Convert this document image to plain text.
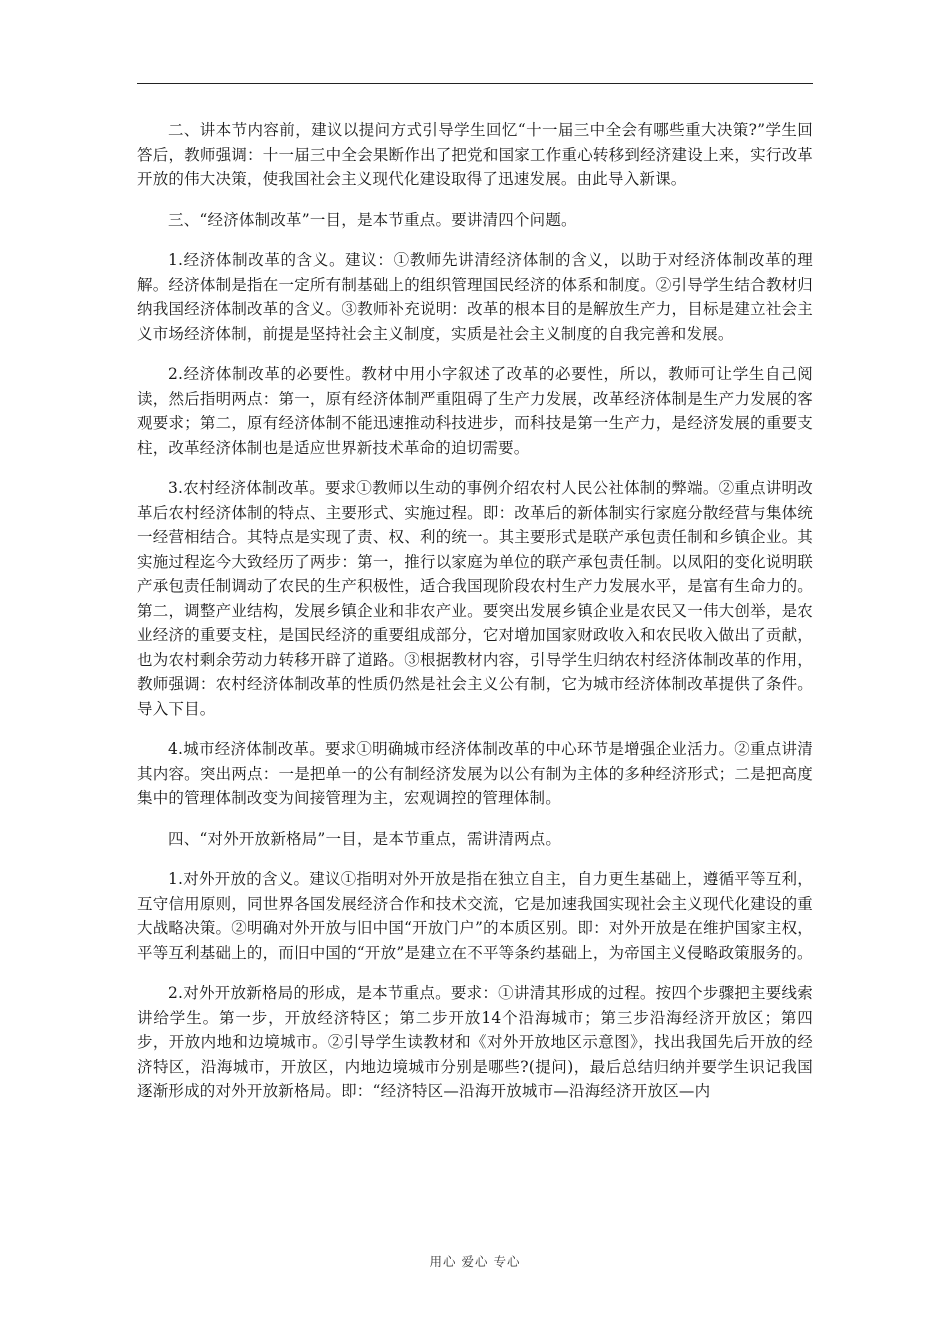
二、讲本节内容前，建议以提问方式引导学生回忆“十一届三中全会有哪些重大决策?”学生回答后，教师强调：十一届三中全会果断作出了把党和国家工作重心转移到经济建设上来，实行改革开放的伟大决策，使我国社会主义现代化建设取得了迅速发展。由此导入新课。

三、“经济体制改革”一目，是本节重点。要讲清四个问题。

1.经济体制改革的含义。建议：①教师先讲清经济体制的含义，以助于对经济体制改革的理解。经济体制是指在一定所有制基础上的组织管理国民经济的体系和制度。②引导学生结合教材归纳我国经济体制改革的含义。③教师补充说明：改革的根本目的是解放生产力，目标是建立社会主义市场经济体制，前提是坚持社会主义制度，实质是社会主义制度的自我完善和发展。

2.经济体制改革的必要性。教材中用小字叙述了改革的必要性，所以，教师可让学生自己阅读，然后指明两点：第一，原有经济体制严重阻碍了生产力发展，改革经济体制是生产力发展的客观要求；第二，原有经济体制不能迅速推动科技进步，而科技是第一生产力，是经济发展的重要支柱，改革经济体制也是适应世界新技术革命的迫切需要。

3.农村经济体制改革。要求①教师以生动的事例介绍农村人民公社体制的弊端。②重点讲明改革后农村经济体制的特点、主要形式、实施过程。即：改革后的新体制实行家庭分散经营与集体统一经营相结合。其特点是实现了责、权、利的统一。其主要形式是联产承包责任制和乡镇企业。其实施过程迄今大致经历了两步：第一，推行以家庭为单位的联产承包责任制。以凤阳的变化说明联产承包责任制调动了农民的生产积极性，适合我国现阶段农村生产力发展水平，是富有生命力的。第二，调整产业结构，发展乡镇企业和非农产业。要突出发展乡镇企业是农民又一伟大创举，是农业经济的重要支柱，是国民经济的重要组成部分，它对增加国家财政收入和农民收入做出了贡献，也为农村剩余劳动力转移开辟了道路。③根据教材内容，引导学生归纳农村经济体制改革的作用，教师强调：农村经济体制改革的性质仍然是社会主义公有制，它为城市经济体制改革提供了条件。导入下目。

4.城市经济体制改革。要求①明确城市经济体制改革的中心环节是增强企业活力。②重点讲清其内容。突出两点：一是把单一的公有制经济发展为以公有制为主体的多种经济形式；二是把高度集中的管理体制改变为间接管理为主，宏观调控的管理体制。

四、“对外开放新格局”一目，是本节重点，需讲清两点。

1.对外开放的含义。建议①指明对外开放是指在独立自主，自力更生基础上，遵循平等互利，互守信用原则，同世界各国发展经济合作和技术交流，它是加速我国实现社会主义现代化建设的重大战略决策。②明确对外开放与旧中国“开放门户”的本质区别。即：对外开放是在维护国家主权，平等互利基础上的，而旧中国的“开放”是建立在不平等条约基础上，为帝国主义侵略政策服务的。

2.对外开放新格局的形成，是本节重点。要求：①讲清其形成的过程。按四个步骤把主要线索讲给学生。第一步，开放经济特区；第二步开放14个沿海城市；第三步沿海经济开放区；第四步，开放内地和边境城市。②引导学生读教材和《对外开放地区示意图》，找出我国先后开放的经济特区，沿海城市，开放区，内地边境城市分别是哪些?(提问)，最后总结归纳并要学生识记我国逐渐形成的对外开放新格局。即：“经济特区—沿海开放城市—沿海经济开放区—内

用心 爱心 专心
